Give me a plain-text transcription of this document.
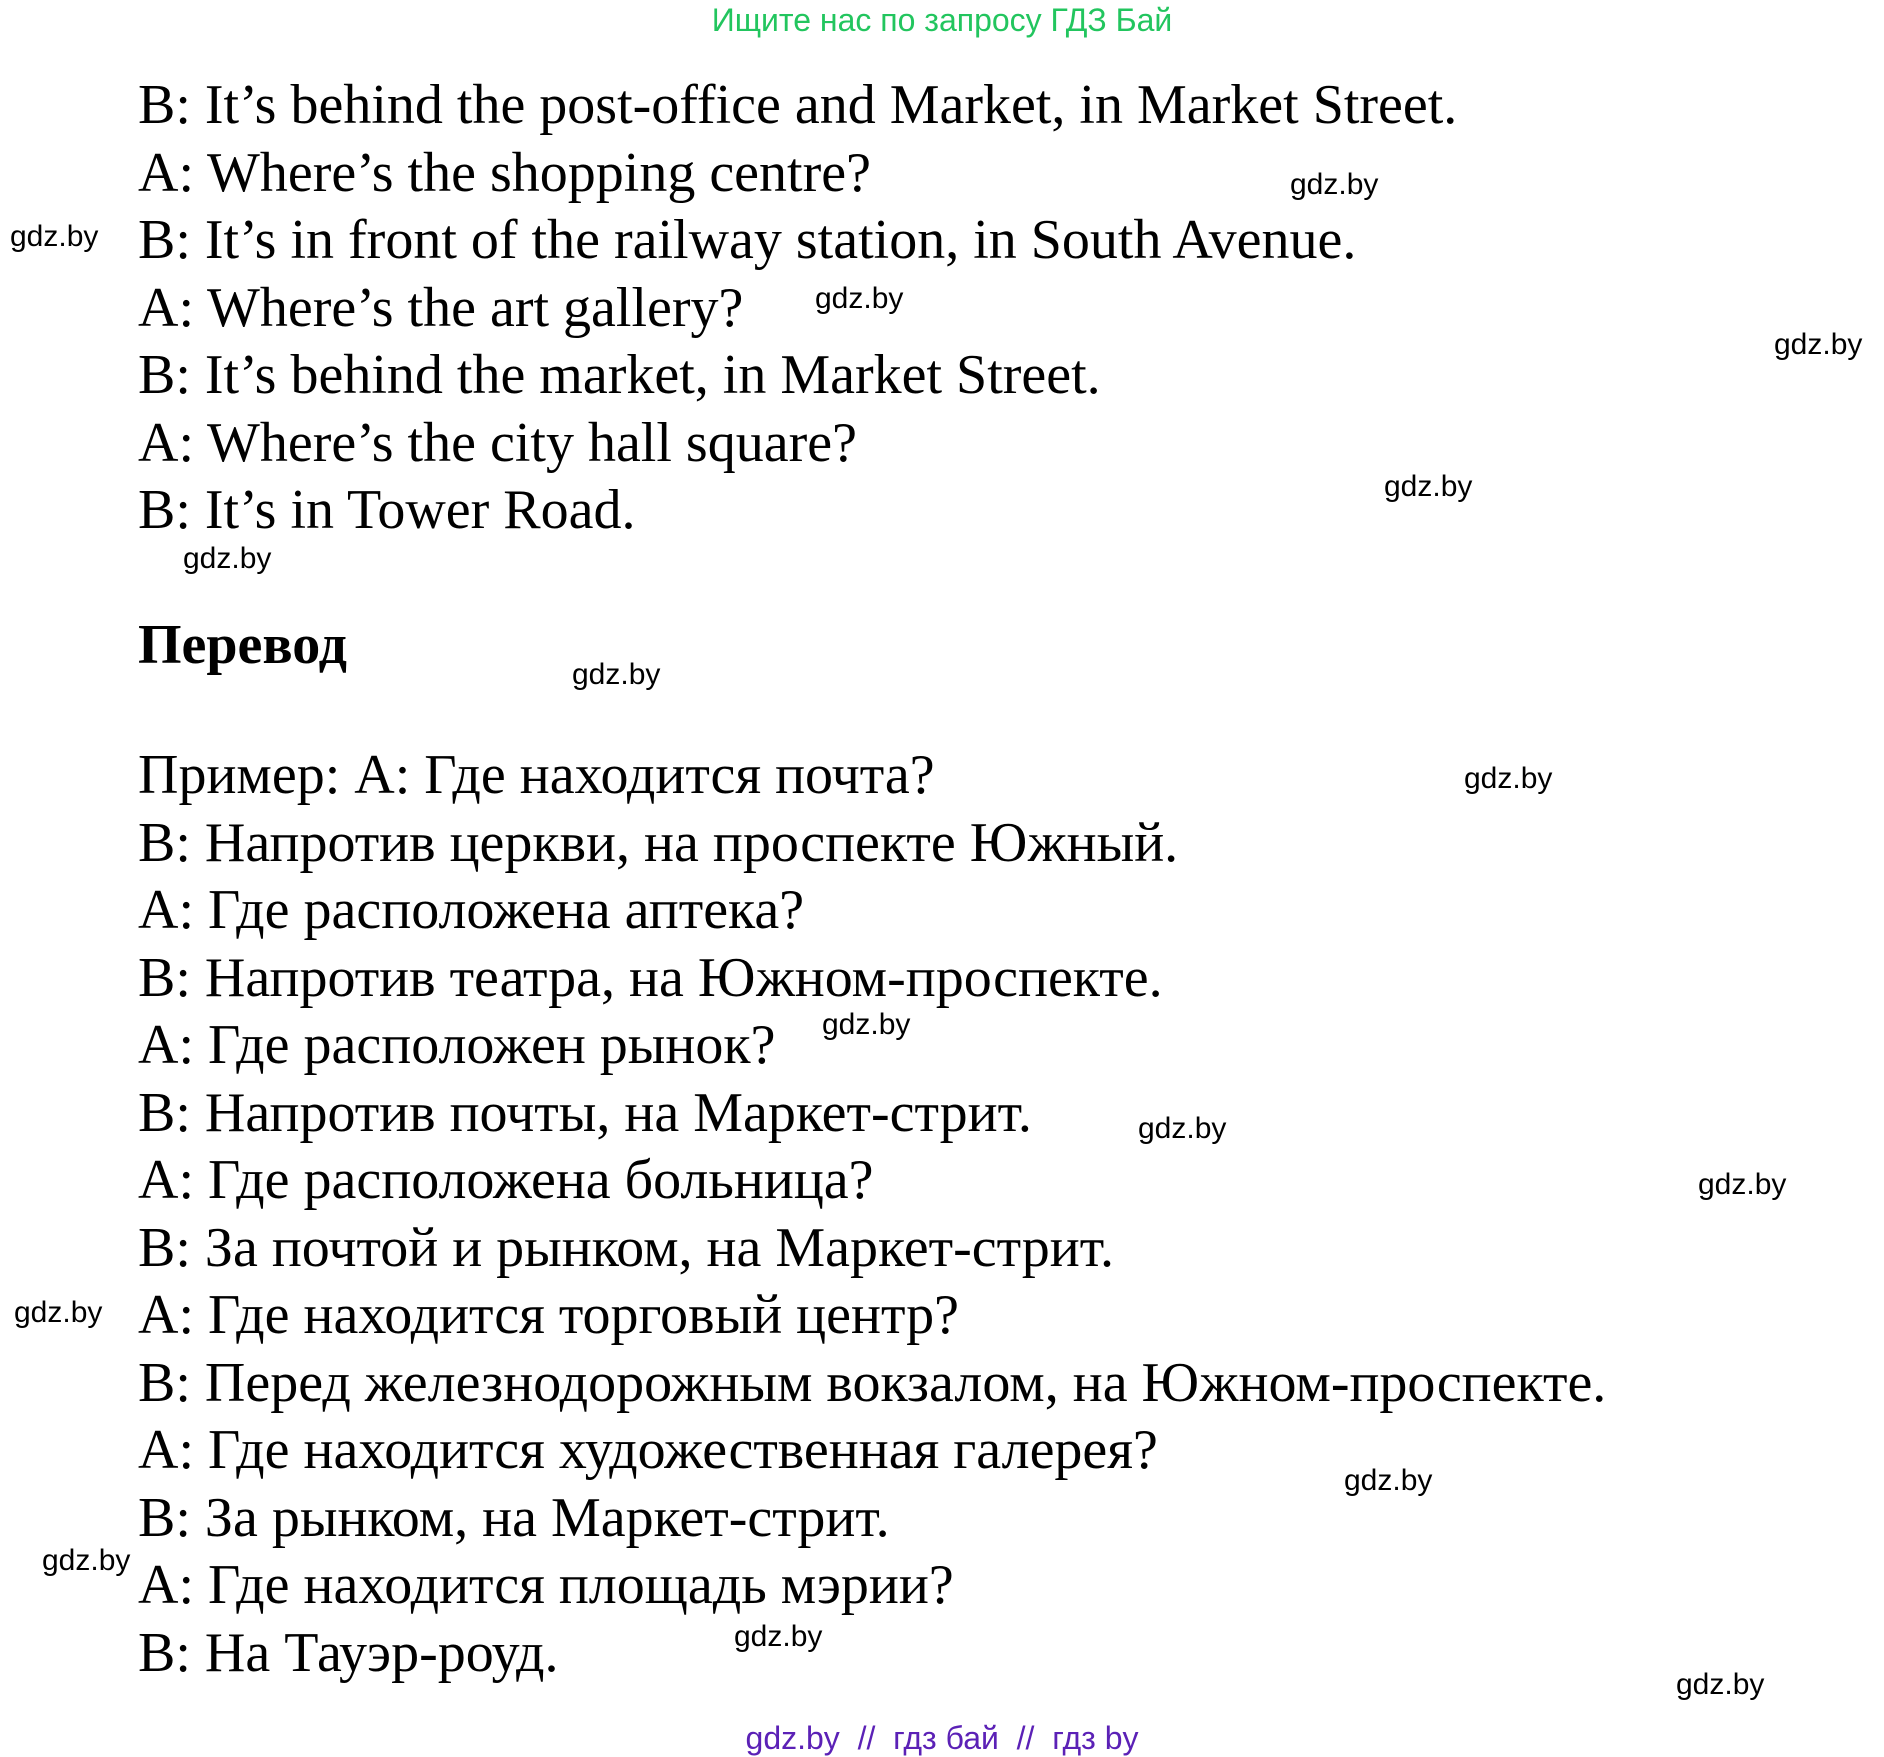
Ищите нас по запросу ГДЗ Бай
B: It’s behind the post-office and Market, in Market Street.
A: Where’s the shopping centre?
B: It’s in front of the railway station, in South Avenue.
A: Where’s the art gallery?
B: It’s behind the market, in Market Street.
A: Where’s the city hall square?
B: It’s in Tower Road.
Перевод
Пример: А: Где находится почта?
В: Напротив церкви, на проспекте Южный.
А: Где расположена аптека?
В: Напротив театра, на Южном-проспекте.
А: Где расположен рынок?
В: Напротив почты, на Маркет-стрит.
А: Где расположена больница?
В: За почтой и рынком, на Маркет-стрит.
А: Где находится торговый центр?
В: Перед железнодорожным вокзалом, на Южном-проспекте.
А: Где находится художественная галерея?
В: За рынком, на Маркет-стрит.
А: Где находится площадь мэрии?
В: На Тауэр-роуд.
gdz.by
gdz.by
gdz.by
gdz.by
gdz.by
gdz.by
gdz.by
gdz.by
gdz.by
gdz.by
gdz.by
gdz.by
gdz.by
gdz.by
gdz.by
gdz.by
gdz.by  //  гдз бай  //  гдз by
